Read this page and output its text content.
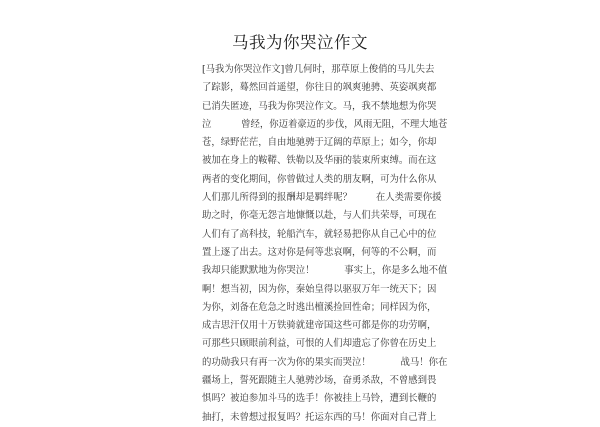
马我为你哭泣作文
[马我为你哭泣作文]曾几何时，那草原上俊俏的马儿失去
了踪影，蓦然回首遥望，你往日的飒爽驰骋、英姿飒爽都
已消失匿迹，马我为你哭泣作文。马，我不禁地想为你哭
泣          曾经，你迈着豪迈的步伐，风雨无阻，不理大地苍
苍，绿野茫茫，自由地驰骋于辽阔的草原上；如今，你却
被加在身上的鞍鞯、铁勒以及华丽的装束所束缚。而在这
两者的变化期间，你曾做过人类的朋友啊，可为什么你从
人们那儿所得到的报酬却是羁绊呢？        在人类需要你援
助之时，你毫无怨言地慷慨以赴，与人们共荣辱，可现在
人们有了高科技，轮船汽车，就轻易把你从自己心中的位
置上逐了出去。这对你是何等悲哀啊，何等的不公啊，而
我却只能默默地为你哭泣！          事实上，你是多么地不值
啊！想当初，因为你，秦始皇得以驱驭万年一统天下；因
为你，刘备在危急之时逃出檀溪捡回性命；同样因为你，
成吉思汗仅用十万铁骑就建帝国这些可都是你的功劳啊，
可那些只顾眼前利益，可恨的人们却遗忘了你曾在历史上
的功勋我只有再一次为你的果实而哭泣！          战马！你在
疆场上，誓死跟随主人驰骋沙场，奋勇杀敌，不曾感到畏
惧吗？被迫参加斗马的选手！你被挂上马铃，遭到长鞭的
抽打，未曾想过报复吗？托运东西的马！你面对自己背上
